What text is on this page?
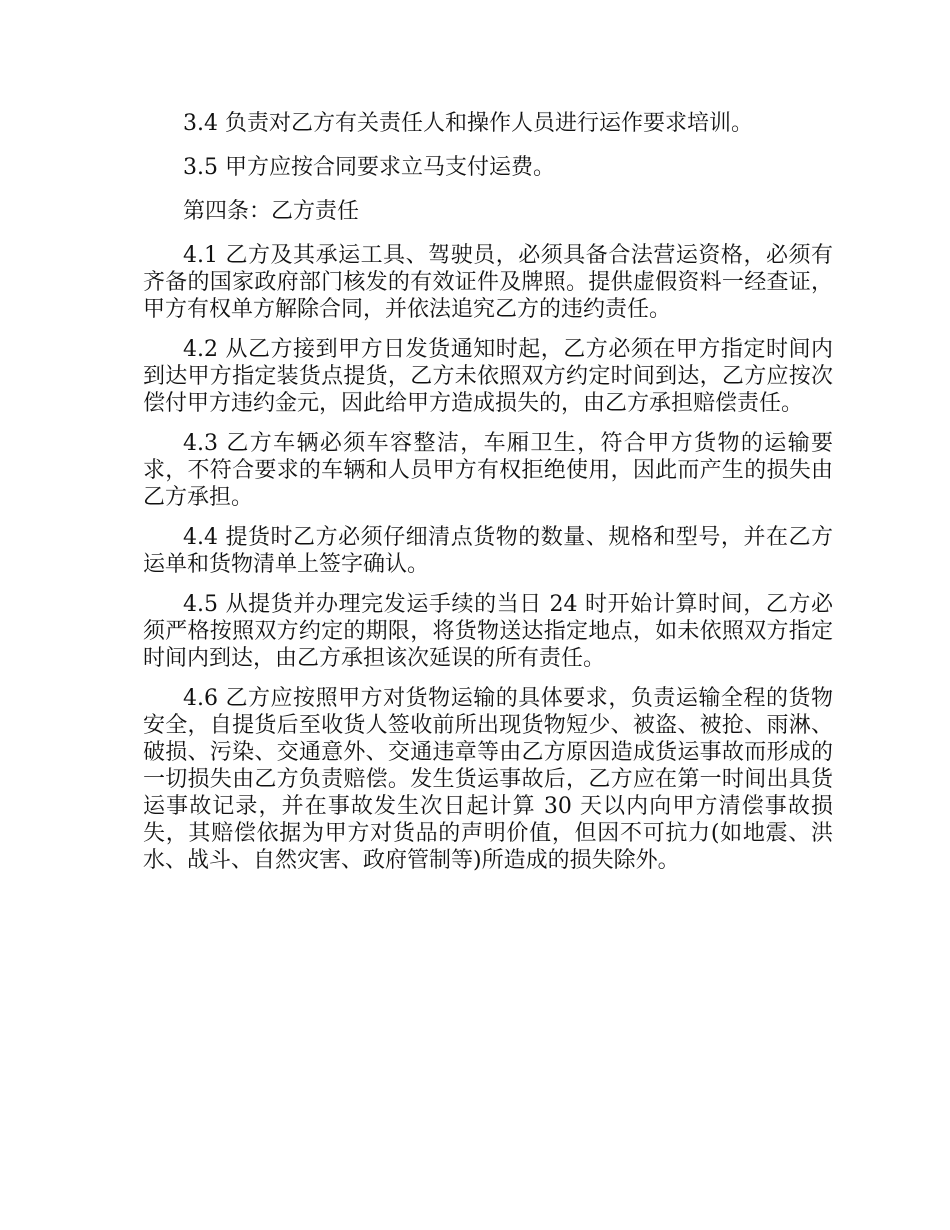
3.4 负责对乙方有关责任人和操作人员进行运作要求培训。

3.5 甲方应按合同要求立马支付运费。

第四条：乙方责任

4.1 乙方及其承运工具、驾驶员，必须具备合法营运资格，必须有齐备的国家政府部门核发的有效证件及牌照。提供虚假资料一经查证，甲方有权单方解除合同，并依法追究乙方的违约责任。

4.2 从乙方接到甲方日发货通知时起，乙方必须在甲方指定时间内到达甲方指定装货点提货，乙方未依照双方约定时间到达，乙方应按次偿付甲方违约金元，因此给甲方造成损失的，由乙方承担赔偿责任。

4.3 乙方车辆必须车容整洁，车厢卫生，符合甲方货物的运输要求，不符合要求的车辆和人员甲方有权拒绝使用，因此而产生的损失由乙方承担。

4.4 提货时乙方必须仔细清点货物的数量、规格和型号，并在乙方运单和货物清单上签字确认。

4.5 从提货并办理完发运手续的当日 24 时开始计算时间，乙方必须严格按照双方约定的期限，将货物送达指定地点，如未依照双方指定时间内到达，由乙方承担该次延误的所有责任。

4.6 乙方应按照甲方对货物运输的具体要求，负责运输全程的货物安全，自提货后至收货人签收前所出现货物短少、被盗、被抢、雨淋、破损、污染、交通意外、交通违章等由乙方原因造成货运事故而形成的一切损失由乙方负责赔偿。发生货运事故后，乙方应在第一时间出具货运事故记录，并在事故发生次日起计算 30 天以内向甲方清偿事故损失，其赔偿依据为甲方对货品的声明价值，但因不可抗力(如地震、洪水、战斗、自然灾害、政府管制等)所造成的损失除外。
